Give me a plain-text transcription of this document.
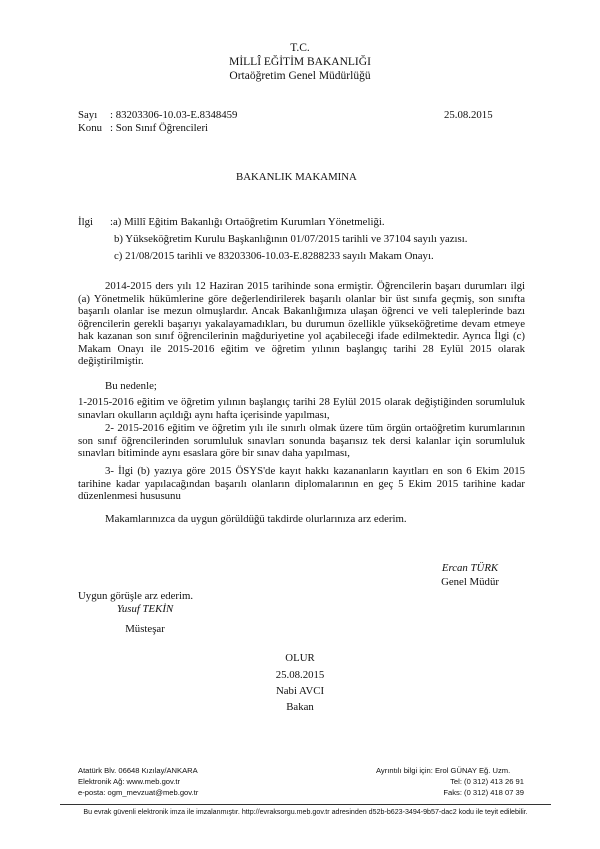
T.C.
MİLLÎ EĞİTİM BAKANLIĞI
Ortaöğretim Genel Müdürlüğü
Sayı : 83203306-10.03-E.8348459	25.08.2015
Konu : Son Sınıf Öğrencileri
BAKANLIK MAKAMINA
İlgi :a) Millî Eğitim Bakanlığı Ortaöğretim Kurumları Yönetmeliği.
b) Yükseköğretim Kurulu Başkanlığının 01/07/2015 tarihli ve 37104 sayılı yazısı.
c) 21/08/2015 tarihli ve 83203306-10.03-E.8288233 sayılı Makam Onayı.

2014-2015 ders yılı 12 Haziran 2015 tarihinde sona ermiştir. Öğrencilerin başarı durumları ilgi (a) Yönetmelik hükümlerine göre değerlendirilerek başarılı olanlar bir üst sınıfa geçmiş, son sınıfta başarılı olanlar ise mezun olmuşlardır. Ancak Bakanlığımıza ulaşan öğrenci ve veli taleplerinde bazı öğrencilerin gerekli başarıyı yakalayamadıkları, bu durumun özellikle yükseköğretime devam etmeye hak kazanan son sınıf öğrencilerinin mağduriyetine yol açabileceği ifade edilmektedir. Ayrıca İlgi (c) Makam Onayı ile 2015-2016 eğitim ve öğretim yılının başlangıç tarihi 28 Eylül 2015 olarak değiştirilmiştir.

Bu nedenle;

1-2015-2016 eğitim ve öğretim yılının başlangıç tarihi 28 Eylül 2015 olarak değiştiğinden sorumluluk sınavları okulların açıldığı aynı hafta içerisinde yapılması,

2- 2015-2016 eğitim ve öğretim yılı ile sınırlı olmak üzere tüm örgün ortaöğretim kurumlarının son sınıf öğrencilerinden sorumluluk sınavları sonunda başarısız tek dersi kalanlar için sorumluluk sınavları bitiminde aynı esaslara göre bir sınav daha yapılması,

3- İlgi (b) yazıya göre 2015 ÖSYS'de kayıt hakkı kazananların kayıtları en son 6 Ekim 2015 tarihine kadar yapılacağından başarılı olanların diplomalarının en geç 5 Ekim 2015 tarihine kadar düzenlenmesi hususunu

Makamlarınızca da uygun görüldüğü takdirde olurlarınıza arz ederim.

Ercan TÜRK
Genel Müdür
Uygun görüşle arz ederim.
Yusuf TEKİN
Müsteşar
OLUR
25.08.2015
Nabi AVCI
Bakan
Atatürk Blv. 06648 Kızılay/ANKARA
Elektronik Ağ: www.meb.gov.tr
e-posta: ogm_mevzuat@meb.gov.tr
Ayrıntılı bilgi için: Erol GÜNAY Eğ. Uzm.
Tel: (0 312) 413 26 91
Faks: (0 312) 418 07 39
Bu evrak güvenli elektronik imza ile imzalanmıştır. http://evraksorgu.meb.gov.tr adresinden d52b-b623-3494-9b57-dac2 kodu ile teyit edilebilir.
